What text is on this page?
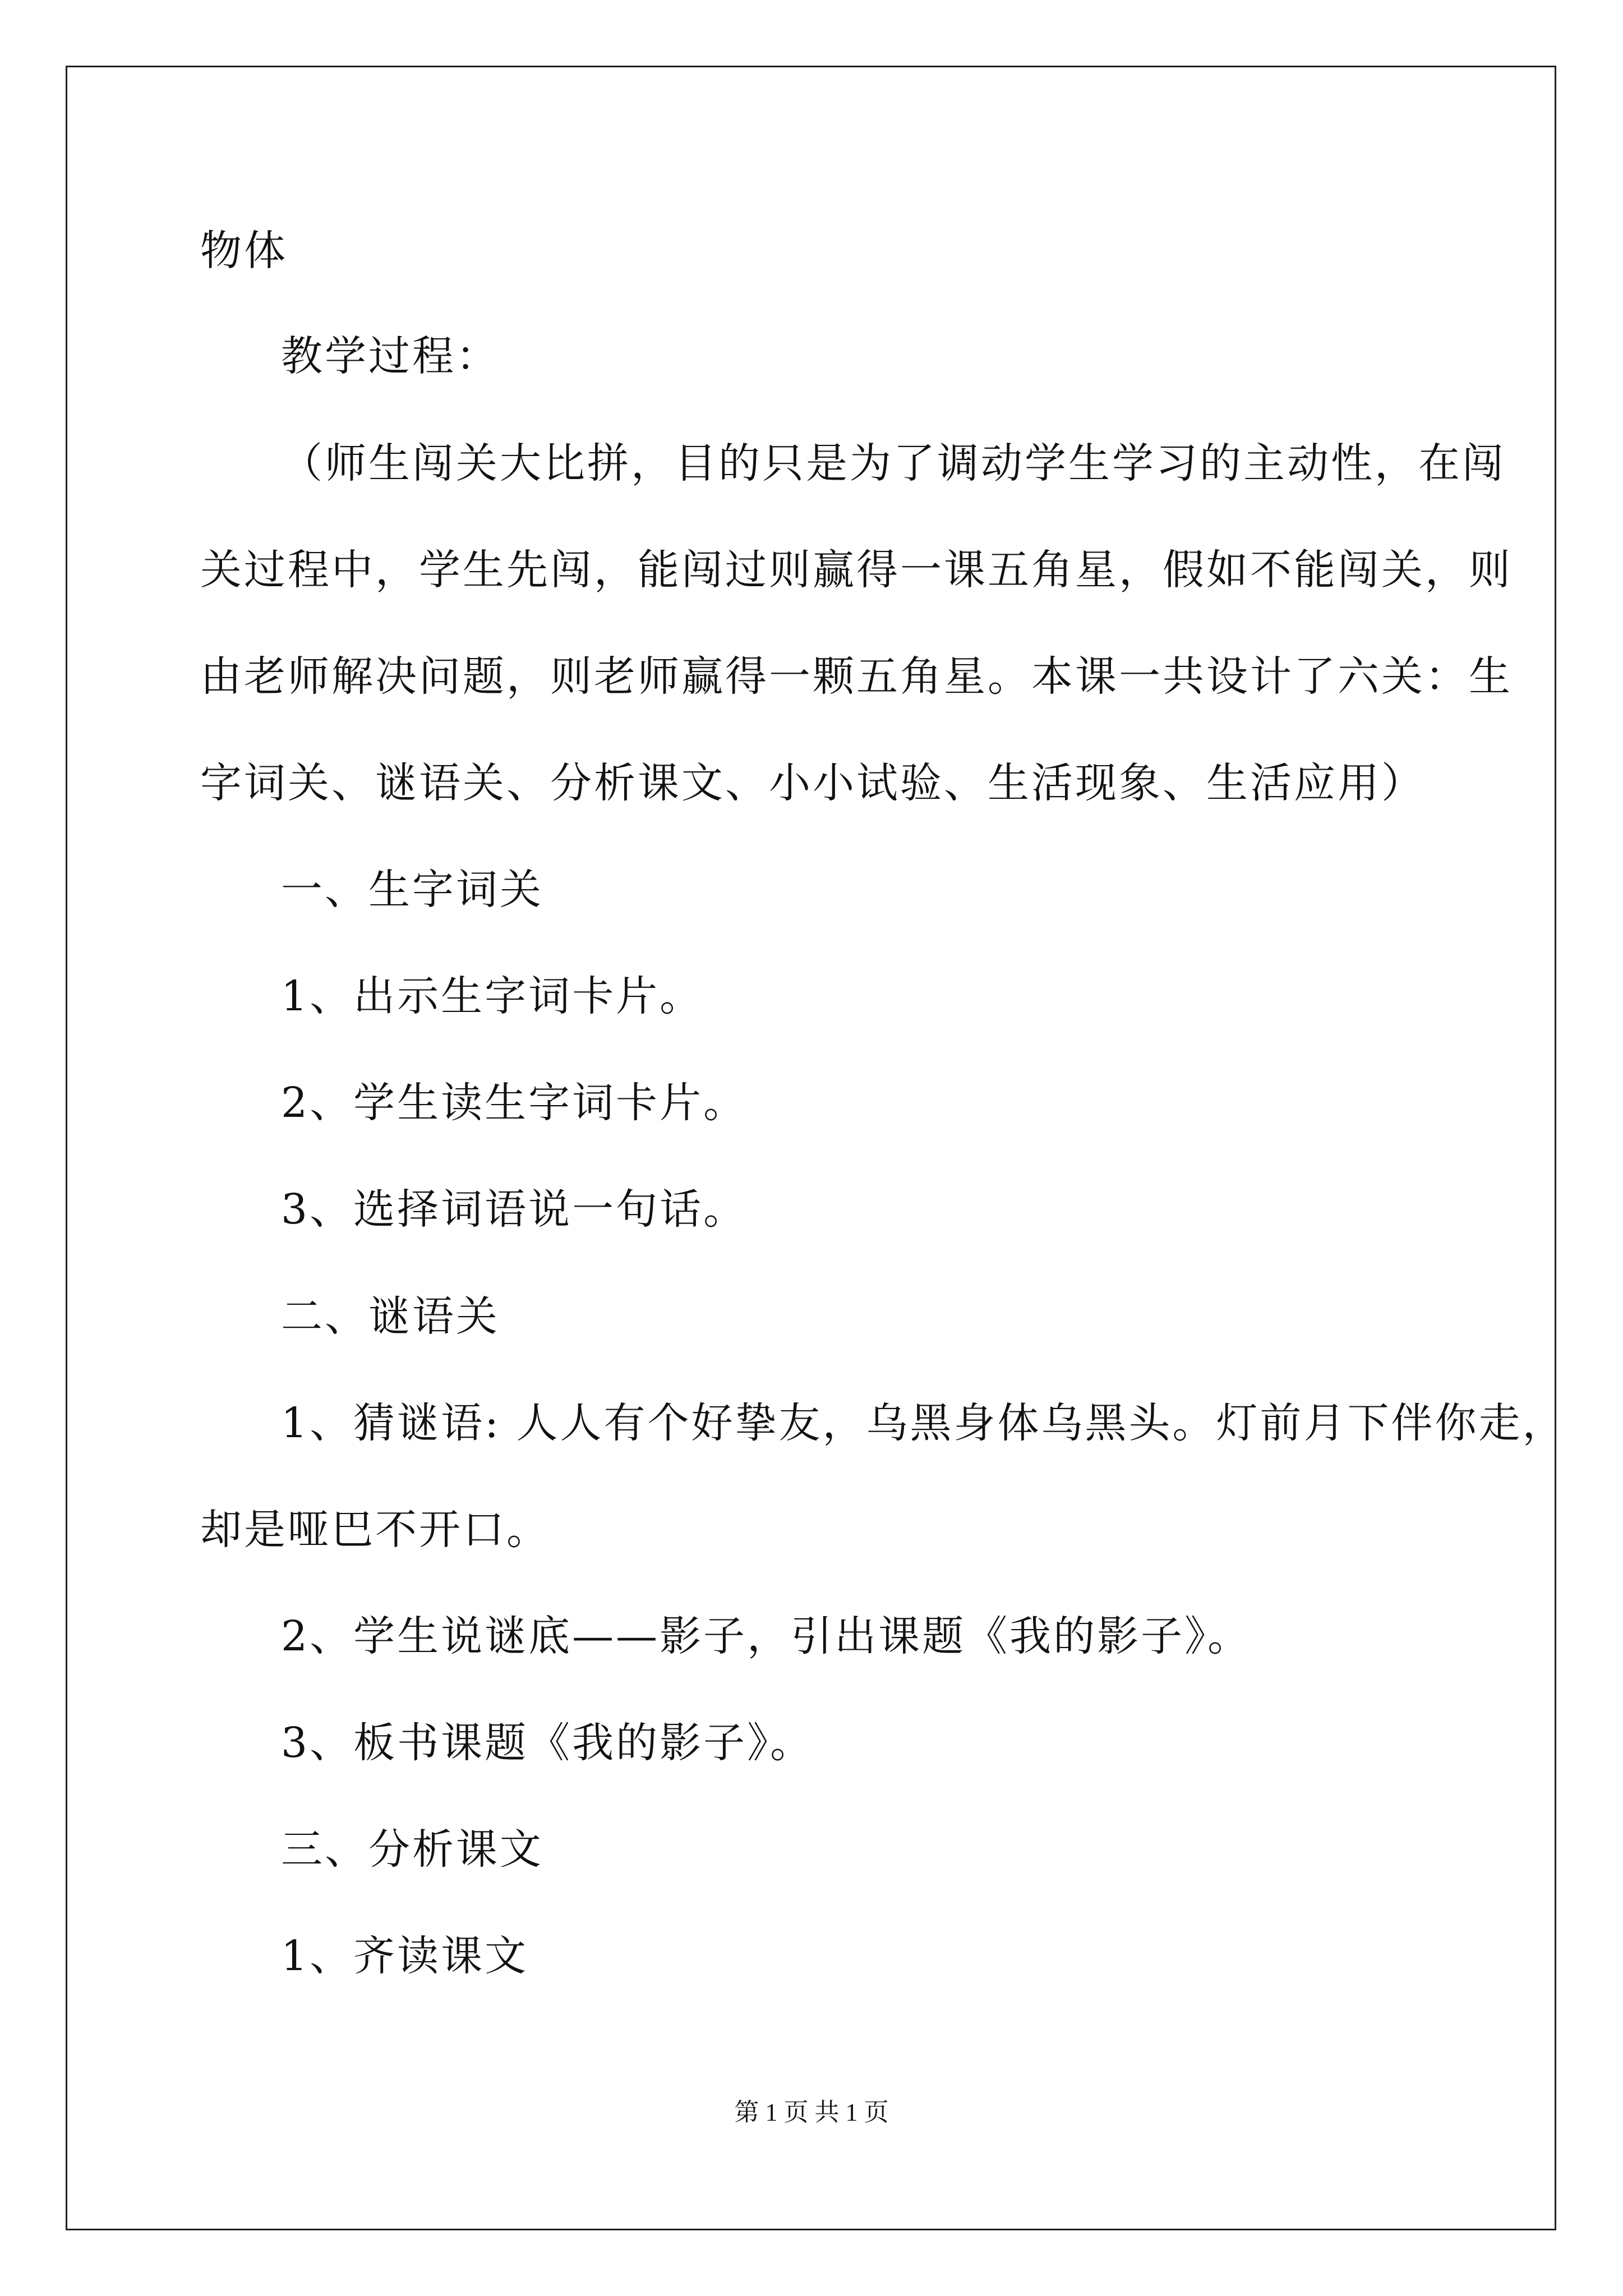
物体
教学过程：
（师生闯关大比拼，目的只是为了调动学生学习的主动性，在闯
关过程中，学生先闯，能闯过则赢得一课五角星，假如不能闯关，则
由老师解决问题，则老师赢得一颗五角星。本课一共设计了六关：生
字词关、谜语关、分析课文、小小试验、生活现象、生活应用）
一、生字词关
1、出示生字词卡片。
2、学生读生字词卡片。
3、选择词语说一句话。
二、谜语关
1、猜谜语: 人人有个好挚友，乌黑身体乌黑头。灯前月下伴你走，
却是哑巴不开口。
2、学生说谜底——影子，引出课题《我的影子》。
3、板书课题《我的影子》。
三、分析课文
1、齐读课文
第 1 页 共 1 页
